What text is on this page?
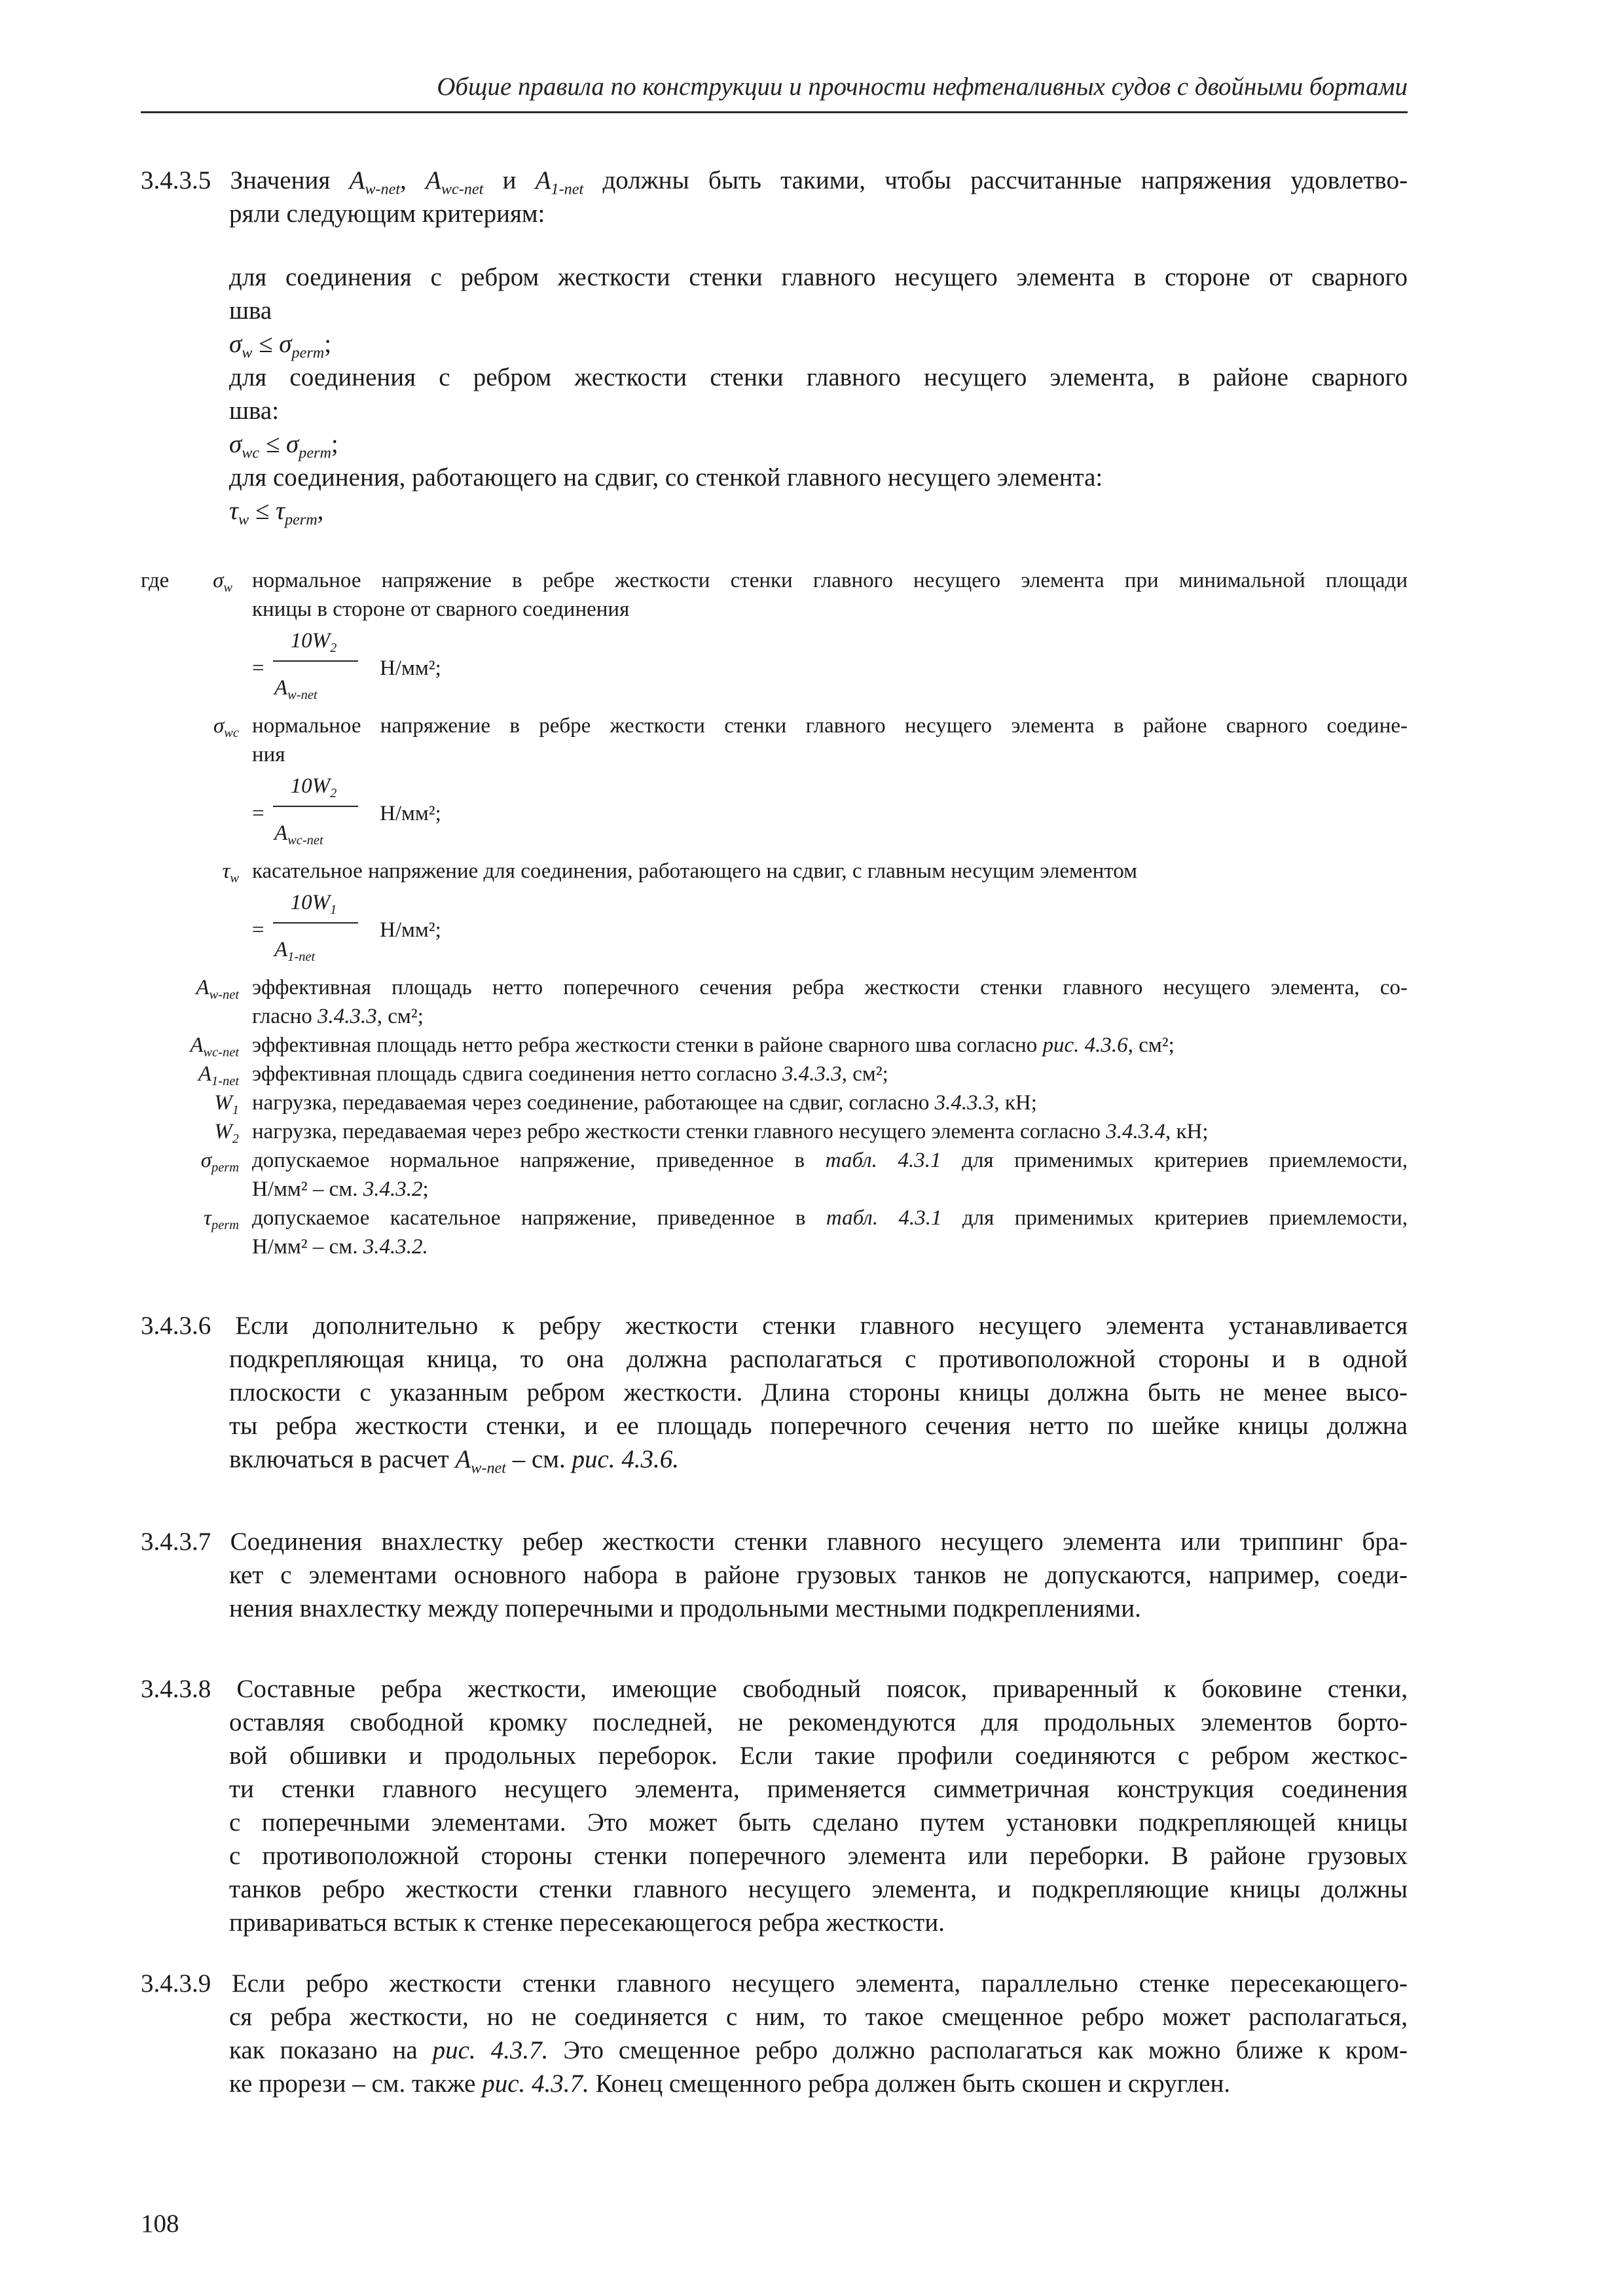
Общие правила по конструкции и прочности нефтеналивных судов с двойными бортами
3.4.3.5 Значения $A_{w-net}$, $A_{wc-net}$ и $A_{1-net}$ должны быть такими, чтобы рассчитанные напряжения удовлетво-
ряли следующим критериям:
для соединения с ребром жесткости стенки главного несущего элемента в стороне от сварного
шва
$\sigma_w \le \sigma_{perm}$;
для соединения с ребром жесткости стенки главного несущего элемента, в районе сварного
шва:
$\sigma_{wc} \le \sigma_{perm}$;
для соединения, работающего на сдвиг, со стенкой главного несущего элемента:
$\tau_w \le \tau_{perm}$,
где	$\sigma_w$ нормальное напряжение в ребре жесткости стенки главного несущего элемента при минимальной площади
кницы в стороне от сварного соединения
=
$10W_2$
$A_{w-net}$
Н/мм²;
$\sigma_{wc}$ нормальное напряжение в ребре жесткости стенки главного несущего элемента в районе сварного соедине-
ния
=
$10W_2$
$A_{wc-net}$
Н/мм²;
$\tau_w$ касательное напряжение для соединения, работающего на сдвиг, с главным несущим элементом
=
$10W_1$
$A_{1-net}$
Н/мм²;
$A_{w-net}$ эффективная площадь нетто поперечного сечения ребра жесткости стенки главного несущего элемента, со-
гласно 3.4.3.3, см²;
$A_{wc-net}$ эффективная площадь нетто ребра жесткости стенки в районе сварного шва согласно рис. 4.3.6, см²;
$A_{1-net}$ эффективная площадь сдвига соединения нетто согласно 3.4.3.3, см²;
$W_1$ нагрузка, передаваемая через соединение, работающее на сдвиг, согласно 3.4.3.3, кН;
$W_2$ нагрузка, передаваемая через ребро жесткости стенки главного несущего элемента согласно 3.4.3.4, кН;
$\sigma_{perm}$ допускаемое нормальное напряжение, приведенное в табл. 4.3.1 для применимых критериев приемлемости,
Н/мм² – см. 3.4.3.2;
$\tau_{perm}$ допускаемое касательное напряжение, приведенное в табл. 4.3.1 для применимых критериев приемлемости,
Н/мм² – см. 3.4.3.2.
3.4.3.6 Если дополнительно к ребру жесткости стенки главного несущего элемента устанавливается
подкрепляющая кница, то она должна располагаться с противоположной стороны и в одной
плоскости с указанным ребром жесткости. Длина стороны кницы должна быть не менее высо-
ты ребра жесткости стенки, и ее площадь поперечного сечения нетто по шейке кницы должна
включаться в расчет $A_{w-net}$ – см. рис. 4.3.6.
3.4.3.7 Соединения внахлестку ребер жесткости стенки главного несущего элемента или триппинг бра-
кет с элементами основного набора в районе грузовых танков не допускаются, например, соеди-
нения внахлестку между поперечными и продольными местными подкреплениями.
3.4.3.8 Составные ребра жесткости, имеющие свободный поясок, приваренный к боковине стенки,
оставляя свободной кромку последней, не рекомендуются для продольных элементов борто-
вой обшивки и продольных переборок. Если такие профили соединяются с ребром жесткос-
ти стенки главного несущего элемента, применяется симметричная конструкция соединения
с поперечными элементами. Это может быть сделано путем установки подкрепляющей кницы
с противоположной стороны стенки поперечного элемента или переборки. В районе грузовых
танков ребро жесткости стенки главного несущего элемента, и подкрепляющие кницы должны
привариваться встык к стенке пересекающегося ребра жесткости.
3.4.3.9 Если ребро жесткости стенки главного несущего элемента, параллельно стенке пересекающего-
ся ребра жесткости, но не соединяется с ним, то такое смещенное ребро может располагаться,
как показано на рис. 4.3.7. Это смещенное ребро должно располагаться как можно ближе к кром-
ке прорези – см. также рис. 4.3.7. Конец смещенного ребра должен быть скошен и скруглен.
108
